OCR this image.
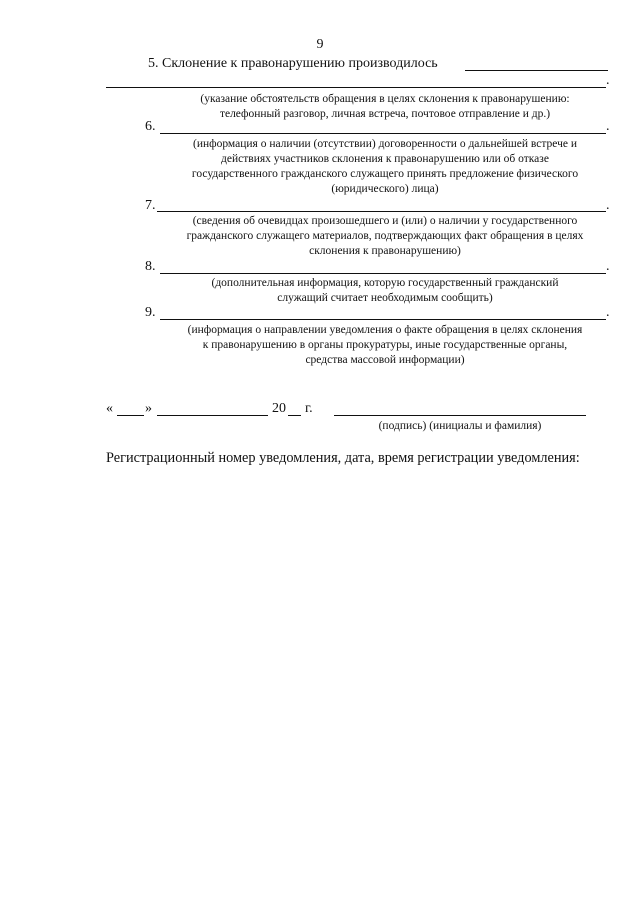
9
5. Склонение к правонарушению производилось
.
(указание обстоятельств обращения в целях склонения к правонарушению:
телефонный разговор, личная встреча, почтовое отправление и др.)
6.	.
(информация о наличии (отсутствии) договоренности о дальнейшей встрече и
действиях участников склонения к правонарушению или об отказе
государственного гражданского служащего принять предложение физического
(юридического) лица)
7.	.
(сведения об очевидцах произошедшего и (или) о наличии у государственного
гражданского служащего материалов, подтверждающих факт обращения в целях
склонения к правонарушению)
8.	.
(дополнительная информация, которую государственный гражданский
служащий считает необходимым сообщить)
9.	.
(информация о направлении уведомления о факте обращения в целях склонения
к правонарушению в органы прокуратуры, иные государственные органы,
средства массовой информации)
« »	20 г.
(подпись) (инициалы и фамилия)
Регистрационный номер уведомления, дата, время регистрации уведомления:
